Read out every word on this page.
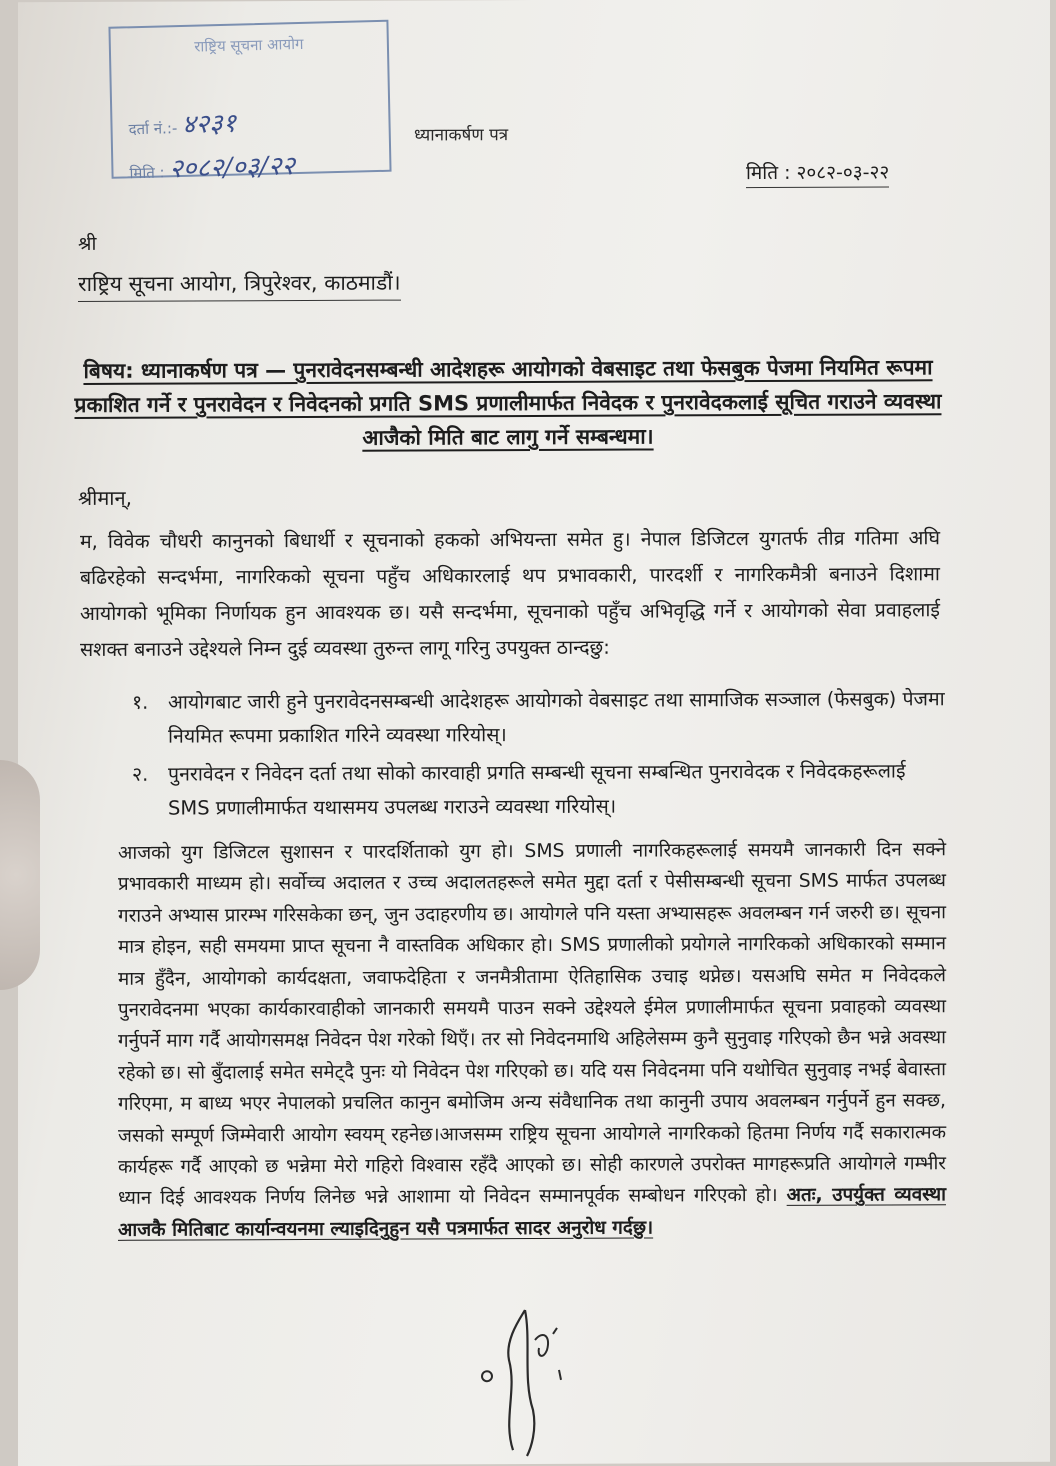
राष्ट्रिय सूचना आयोग
दर्ता नं.:- ४२३१
मिति : २०८२/०३/२२
ध्यानाकर्षण पत्र
मिति : २०८२-०३-२२
श्री
राष्ट्रिय सूचना आयोग, त्रिपुरेश्वर, काठमाडौं।
बिषय: ध्यानाकर्षण पत्र — पुनरावेदनसम्बन्धी आदेशहरू आयोगको वेबसाइट तथा फेसबुक पेजमा नियमित रूपमा प्रकाशित गर्ने र पुनरावेदन र निवेदनको प्रगति SMS प्रणालीमार्फत निवेदक र पुनरावेदकलाई सूचित गराउने व्यवस्था आजैको मिति बाट लागु गर्ने सम्बन्धमा।
श्रीमान्,
म, विवेक चौधरी कानुनको बिधार्थी र सूचनाको हकको अभियन्ता समेत हु। नेपाल डिजिटल युगतर्फ तीव्र गतिमा अघि बढिरहेको सन्दर्भमा, नागरिकको सूचना पहुँच अधिकारलाई थप प्रभावकारी, पारदर्शी र नागरिकमैत्री बनाउने दिशामा आयोगको भूमिका निर्णायक हुन आवश्यक छ। यसै सन्दर्भमा, सूचनाको पहुँच अभिवृद्धि गर्ने र आयोगको सेवा प्रवाहलाई सशक्त बनाउने उद्देश्यले निम्न दुई व्यवस्था तुरुन्त लागू गरिनु उपयुक्त ठान्दछु:
१. आयोगबाट जारी हुने पुनरावेदनसम्बन्धी आदेशहरू आयोगको वेबसाइट तथा सामाजिक सञ्जाल (फेसबुक) पेजमा नियमित रूपमा प्रकाशित गरिने व्यवस्था गरियोस्।
२. पुनरावेदन र निवेदन दर्ता तथा सोको कारवाही प्रगति सम्बन्धी सूचना सम्बन्धित पुनरावेदक र निवेदकहरूलाई SMS प्रणालीमार्फत यथासमय उपलब्ध गराउने व्यवस्था गरियोस्।
आजको युग डिजिटल सुशासन र पारदर्शिताको युग हो। SMS प्रणाली नागरिकहरूलाई समयमै जानकारी दिन सक्ने प्रभावकारी माध्यम हो। सर्वोच्च अदालत र उच्च अदालतहरूले समेत मुद्दा दर्ता र पेसीसम्बन्धी सूचना SMS मार्फत उपलब्ध गराउने अभ्यास प्रारम्भ गरिसकेका छन्, जुन उदाहरणीय छ। आयोगले पनि यस्ता अभ्यासहरू अवलम्बन गर्न जरुरी छ। सूचना मात्र होइन, सही समयमा प्राप्त सूचना नै वास्तविक अधिकार हो। SMS प्रणालीको प्रयोगले नागरिकको अधिकारको सम्मान मात्र हुँदैन, आयोगको कार्यदक्षता, जवाफदेहिता र जनमैत्रीतामा ऐतिहासिक उचाइ थप्नेछ। यसअघि समेत म निवेदकले पुनरावेदनमा भएका कार्यकारवाहीको जानकारी समयमै पाउन सक्ने उद्देश्यले ईमेल प्रणालीमार्फत सूचना प्रवाहको व्यवस्था गर्नुपर्ने माग गर्दै आयोगसमक्ष निवेदन पेश गरेको थिएँ। तर सो निवेदनमाथि अहिलेसम्म कुनै सुनुवाइ गरिएको छैन भन्ने अवस्था रहेको छ। सो बुँदालाई समेत समेट्दै पुनः यो निवेदन पेश गरिएको छ। यदि यस निवेदनमा पनि यथोचित सुनुवाइ नभई बेवास्ता गरिएमा, म बाध्य भएर नेपालको प्रचलित कानुन बमोजिम अन्य संवैधानिक तथा कानुनी उपाय अवलम्बन गर्नुपर्ने हुन सक्छ, जसको सम्पूर्ण जिम्मेवारी आयोग स्वयम् रहनेछ।आजसम्म राष्ट्रिय सूचना आयोगले नागरिकको हितमा निर्णय गर्दै सकारात्मक कार्यहरू गर्दै आएको छ भन्नेमा मेरो गहिरो विश्वास रहँदै आएको छ। सोही कारणले उपरोक्त मागहरूप्रति आयोगले गम्भीर ध्यान दिई आवश्यक निर्णय लिनेछ भन्ने आशामा यो निवेदन सम्मानपूर्वक सम्बोधन गरिएको हो। अतः, उपर्युक्त व्यवस्था आजकै मितिबाट कार्यान्वयनमा ल्याइदिनुहुन यसै पत्रमार्फत सादर अनुरोध गर्दछु।
